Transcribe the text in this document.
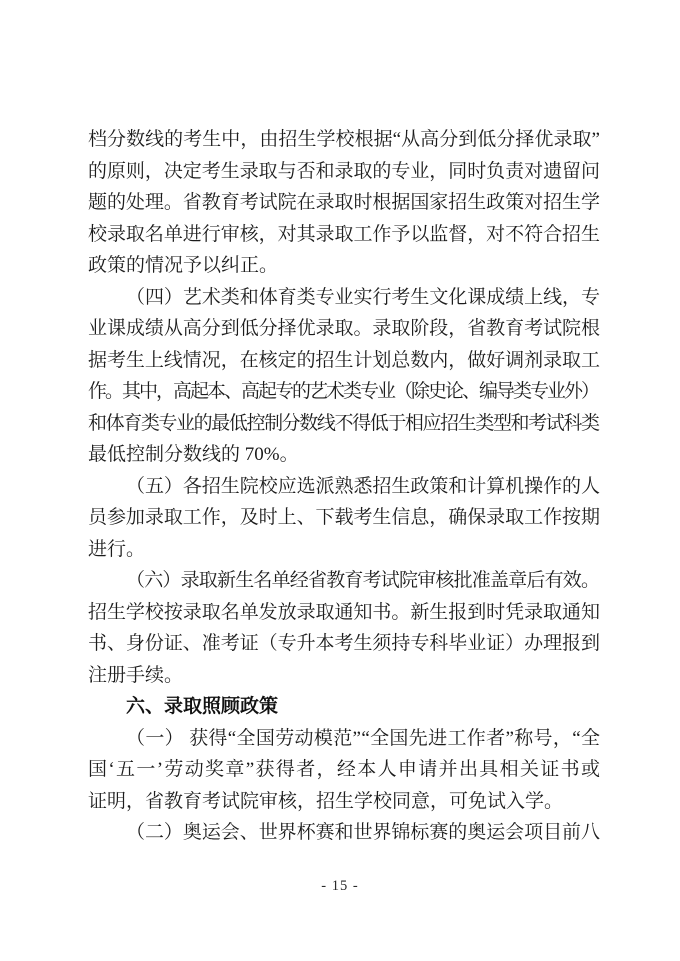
档分数线的考生中，由招生学校根据“从高分到低分择优录取”
的原则，决定考生录取与否和录取的专业，同时负责对遗留问
题的处理。省教育考试院在录取时根据国家招生政策对招生学
校录取名单进行审核，对其录取工作予以监督，对不符合招生
政策的情况予以纠正。
（四）艺术类和体育类专业实行考生文化课成绩上线，专
业课成绩从高分到低分择优录取。录取阶段，省教育考试院根
据考生上线情况，在核定的招生计划总数内，做好调剂录取工
作。其中，高起本、高起专的艺术类专业（除史论、编导类专业外）
和体育类专业的最低控制分数线不得低于相应招生类型和考试科类
最低控制分数线的 70%。
（五）各招生院校应选派熟悉招生政策和计算机操作的人
员参加录取工作，及时上、下载考生信息，确保录取工作按期
进行。
（六）录取新生名单经省教育考试院审核批准盖章后有效。
招生学校按录取名单发放录取通知书。新生报到时凭录取通知
书、身份证、准考证（专升本考生须持专科毕业证）办理报到
注册手续。
六、录取照顾政策
（一） 获得“全国劳动模范”“全国先进工作者”称号，“全
国‘五一’劳动奖章”获得者，经本人申请并出具相关证书或
证明，省教育考试院审核，招生学校同意，可免试入学。
（二）奥运会、世界杯赛和世界锦标赛的奥运会项目前八
- 15 -
